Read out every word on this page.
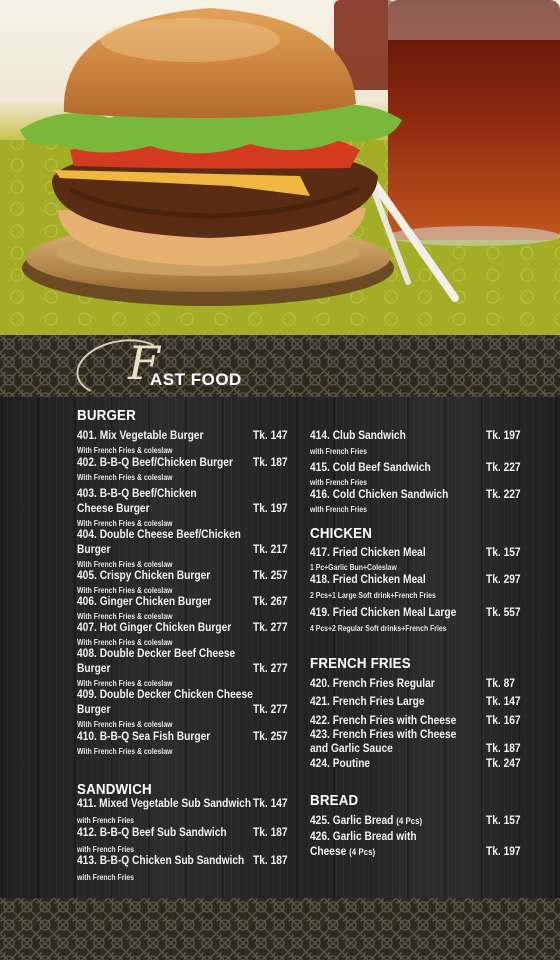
F
AST FOOD
BURGER
401. Mix Vegetable Burger	Tk. 147
With French Fries & coleslaw
402. B-B-Q Beef/Chicken Burger Tk. 187
With French Fries & coleslaw
403. B-B-Q Beef/Chicken
Cheese Burger	Tk. 197
With French Fries & coleslaw
404. Double Cheese Beef/Chicken
Burger	Tk. 217
With French Fries & coleslaw
405. Crispy Chicken Burger	Tk. 257
With French Fries & coleslaw
406. Ginger Chicken Burger	Tk. 267
With French Fries & coleslaw
407. Hot Ginger Chicken Burger Tk. 277
With French Fries & coleslaw
408. Double Decker Beef Cheese
Burger	Tk. 277
With French Fries & coleslaw
409. Double Decker Chicken Cheese
Burger	Tk. 277
With French Fries & coleslaw
410. B-B-Q Sea Fish Burger	Tk. 257
With French Fries & coleslaw
SANDWICH
411. Mixed Vegetable Sub Sandwich Tk. 147
with French Fries
412. B-B-Q Beef Sub Sandwich Tk. 187
with French Fries
413. B-B-Q Chicken Sub Sandwich Tk. 187
with French Fries
414. Club Sandwich	Tk. 197
with French Fries
415. Cold Beef Sandwich	Tk. 227
with French Fries
416. Cold Chicken Sandwich	Tk. 227
with French Fries
CHICKEN
417. Fried Chicken Meal	Tk. 157
1 Pc+Garlic Bun+Coleslaw
418. Fried Chicken Meal	Tk. 297
2 Pcs+1 Large Soft drink+French Fries
419. Fried Chicken Meal Large	Tk. 557
4 Pcs+2 Regular Soft drinks+French Fries
FRENCH FRIES
420. French Fries Regular	Tk. 87
421. French Fries Large	Tk. 147
422. French Fries with Cheese	Tk. 167
423. French Fries with Cheese
and Garlic Sauce	Tk. 187
424. Poutine	Tk. 247
BREAD
425. Garlic Bread (4 Pcs)	Tk. 157
426. Garlic Bread with
Cheese (4 Pcs)	Tk. 197
